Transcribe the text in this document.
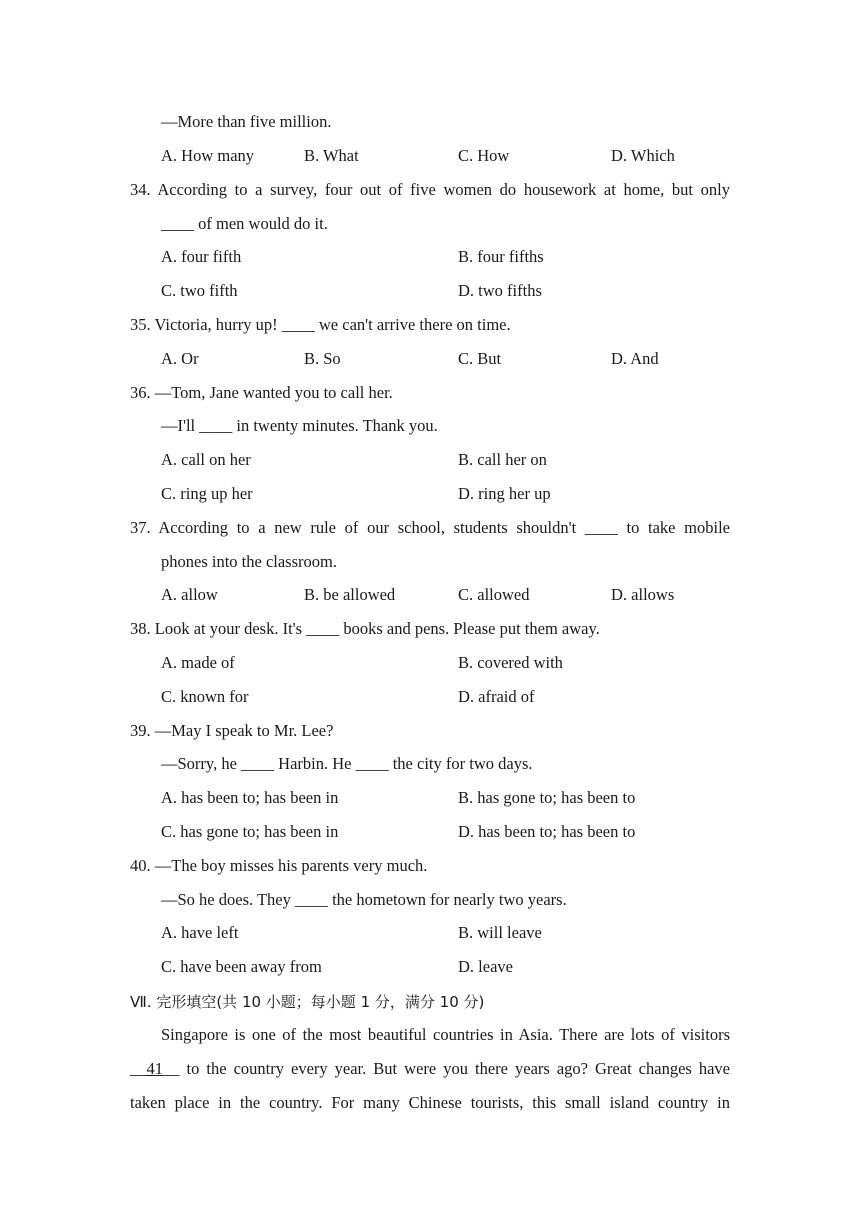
—More than five million.
A. How many	B. What	C. How	D. Which
34. According to a survey, four out of five women do housework at home, but only
____ of men would do it.
A. four fifth	B. four fifths
C. two fifth	D. two fifths
35. Victoria, hurry up! ____ we can't arrive there on time.
A. Or	B. So	C. But	D. And
36. —Tom, Jane wanted you to call her.
—I'll ____ in twenty minutes. Thank you.
A. call on her	B. call her on
C. ring up her	D. ring her up
37. According to a new rule of our school, students shouldn't ____ to take mobile
phones into the classroom.
A. allow	B. be allowed	C. allowed	D. allows
38. Look at your desk. It's ____ books and pens. Please put them away.
A. made of	B. covered with
C. known for	D. afraid of
39. —May I speak to Mr. Lee?
—Sorry, he ____ Harbin. He ____ the city for two days.
A. has been to; has been in	B. has gone to; has been to
C. has gone to; has been in	D. has been to; has been to
40. —The boy misses his parents very much.
—So he does. They ____ the hometown for nearly two years.
A. have left	B. will leave
C. have been away from	D. leave
Ⅶ. 完形填空(共 10 小题；每小题 1 分，满分 10 分)
Singapore is one of the most beautiful countries in Asia. There are lots of visitors
__41__ to the country every year. But were you there years ago? Great changes have
taken place in the country. For many Chinese tourists, this small island country in
